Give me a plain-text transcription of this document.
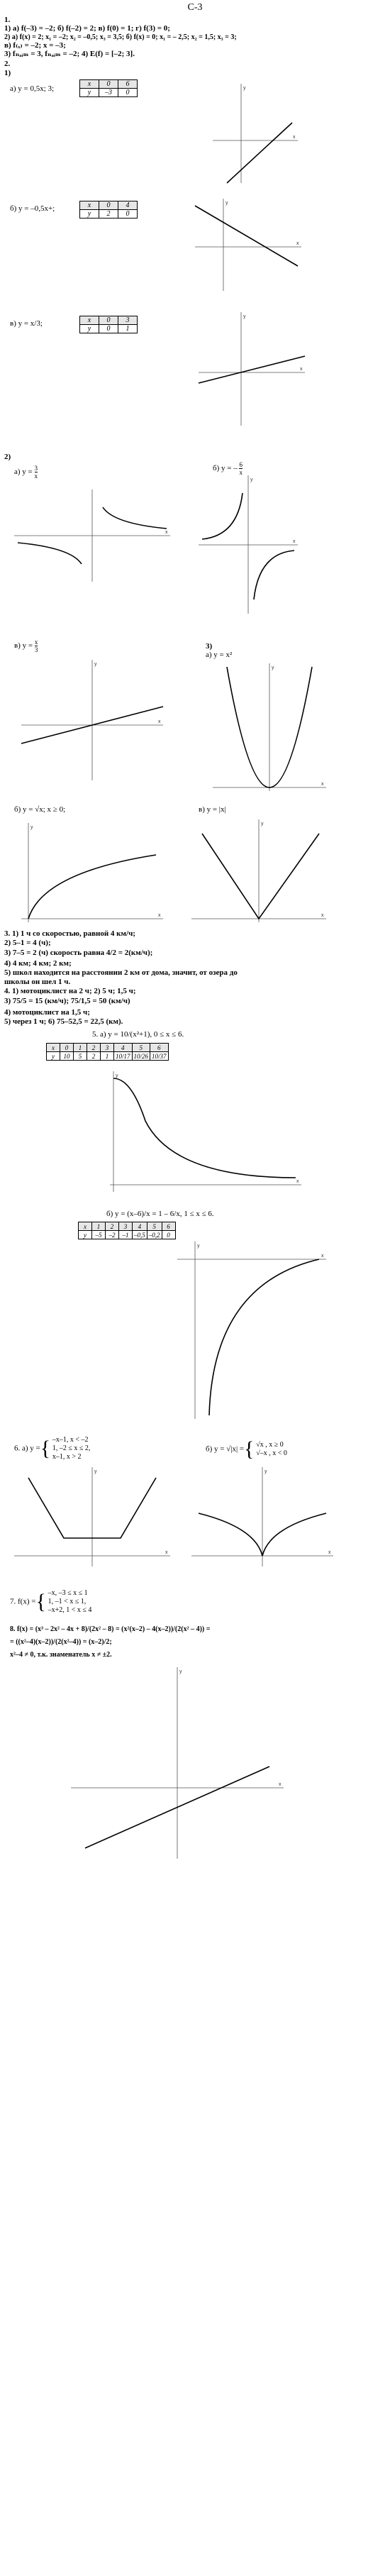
С-3
1.
1) а) f(–3) = –2; б) f(–2) = 2; в) f(0) = 1; г) f(3) = 0;
2) а) f(x) = 2; x₁ = –2; x₂ = –0,5; x₃ = 3,5; б) f(x) = 0; x₁ = – 2,5; x₂ = 1,5; x₃ = 3;
в) f₍ₓ₎ = –2; x = –3;
3) fₙₐᵢₘ = 3, fₙₐᵢₘ = –2; 4) E(f) = [–2; 3].
2.
1)
а) y = 0,5x; 3;
x	0	6
y	–3	0
x
y
б) y = –0,5x+;	x	0	4
y	2	0
x
y
в) y = x/3;	x	0	3
y	0	1
x
y
2)
а) $y = \frac{3}{x}$	б) y = – $\frac{6}{x}$
x
x
y
в) $y = \frac{x}{3}$
x
y
3)
а) y = x²
x
y
б) y = √x; x ≥ 0;
x
y
в) y = |x|
x
y
3. 1) 1 ч со скоростью, равной 4 км/ч;
2) 5–1 = 4 (ч);
3) 7–5 = 2 (ч) скорость равна 4/2 = 2(км/ч);
4) 4 км; 4 км; 2 км;
5) школ находится на расстоянии 2 км от дома, значит, от озера до
школы он шел 1 ч.
4. 1) мотоциклист на 2 ч; 2) 5 ч; 1,5 ч;
3) 75/5 = 15 (км/ч); 75/1,5 = 50 (км/ч)
4) мотоциклист на 1,5 ч;
5) через 1 ч; 6) 75–52,5 = 22,5 (км).
5. а) y = 10/(x²+1), 0 ≤ x ≤ 6.
x	0	1	2	3	4	5	6
y	10	5	2	1	10/17	10/26	10/37
x
y
б) y = (x–6)/x = 1 – 6/x, 1 ≤ x ≤ 6.
x	1	2	3	4	5	6
y	–5	–2	–1	–0,5	–0,2	0
x
y
6. а) y ={ –x–1, x < –2
1, –2 ≤ x ≤ 2,
x–1, x > 2
б) y = √|x| ={ √x , x ≥ 0
√–x , x < 0
x
y
x
y
7. f(x) ={ –x, –3 ≤ x ≤ 1
1, –1 < x ≤ 1,
–x+2, 1 < x ≤ 4
8. f(x) = (x³ – 2x² – 4x + 8)/(2x² – 8) = (x²(x–2) – 4(x–2))/(2(x² – 4)) =
= ((x²–4)(x–2))/(2(x²–4)) = (x–2)/2;
x²–4 ≠ 0, т.к. знаменатель x ≠ ±2.
x
y
